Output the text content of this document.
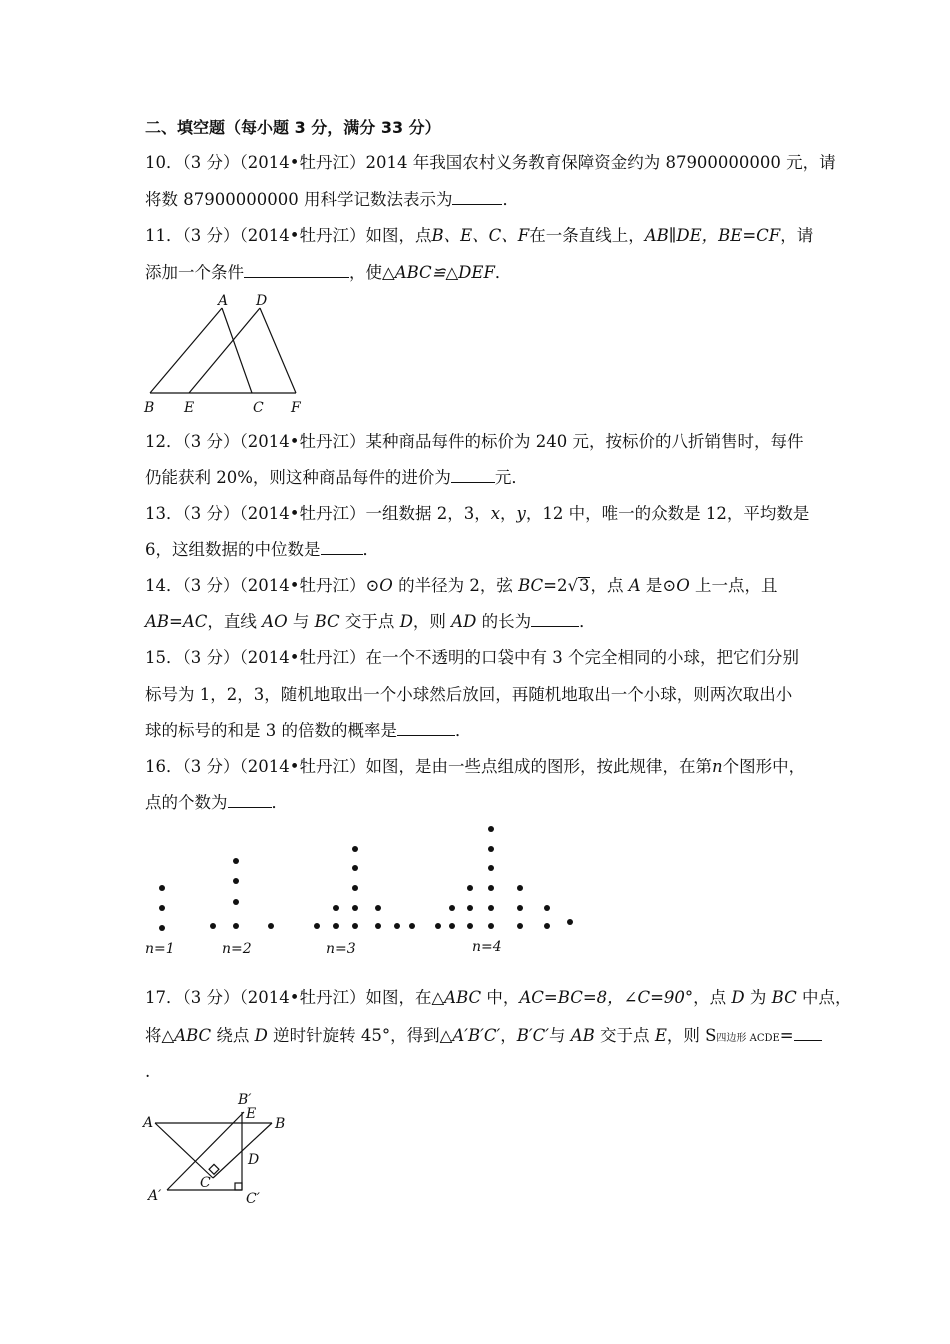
二、填空题（每小题 3 分，满分 33 分）
10．（3 分）（2014•牡丹江）2014 年我国农村义务教育保障资金约为 87900000000 元，请
将数 87900000000 用科学记数法表示为	．
11．（3 分）（2014•牡丹江）如图，点B、E、C、F在一条直线上，AB∥DE，BE=CF，请
添加一个条件	，使△ABC≌△DEF．
A D
B E	C F
12．（3 分）（2014•牡丹江）某种商品每件的标价为 240 元，按标价的八折销售时，每件
仍能获利 20%，则这种商品每件的进价为	元．
13．（3 分）（2014•牡丹江）一组数据 2，3，x，y，12 中，唯一的众数是 12，平均数是
6，这组数据的中位数是	．
14．（3 分）（2014•牡丹江）⊙O 的半径为 2，弦 BC=2√3，点 A 是⊙O 上一点，且
AB=AC，直线 AO 与 BC 交于点 D，则 AD 的长为	．
15．（3 分）（2014•牡丹江）在一个不透明的口袋中有 3 个完全相同的小球，把它们分别
标号为 1，2，3，随机地取出一个小球然后放回，再随机地取出一个小球，则两次取出小
球的标号的和是 3 的倍数的概率是	．
16．（3 分）（2014•牡丹江）如图，是由一些点组成的图形，按此规律，在第n个图形中，
点的个数为	．
n=1	n=2	n=3	n=4
17．（3 分）（2014•牡丹江）如图，在△ABC 中，AC=BC=8，∠C=90°，点 D 为 BC 中点，
将△ABC 绕点 D 逆时针旋转 45°，得到△A′B′C′，B′C′与 AB 交于点 E，则 S四边形 ACDE=
.
A
B′
E
B
D
C
A′	C′
